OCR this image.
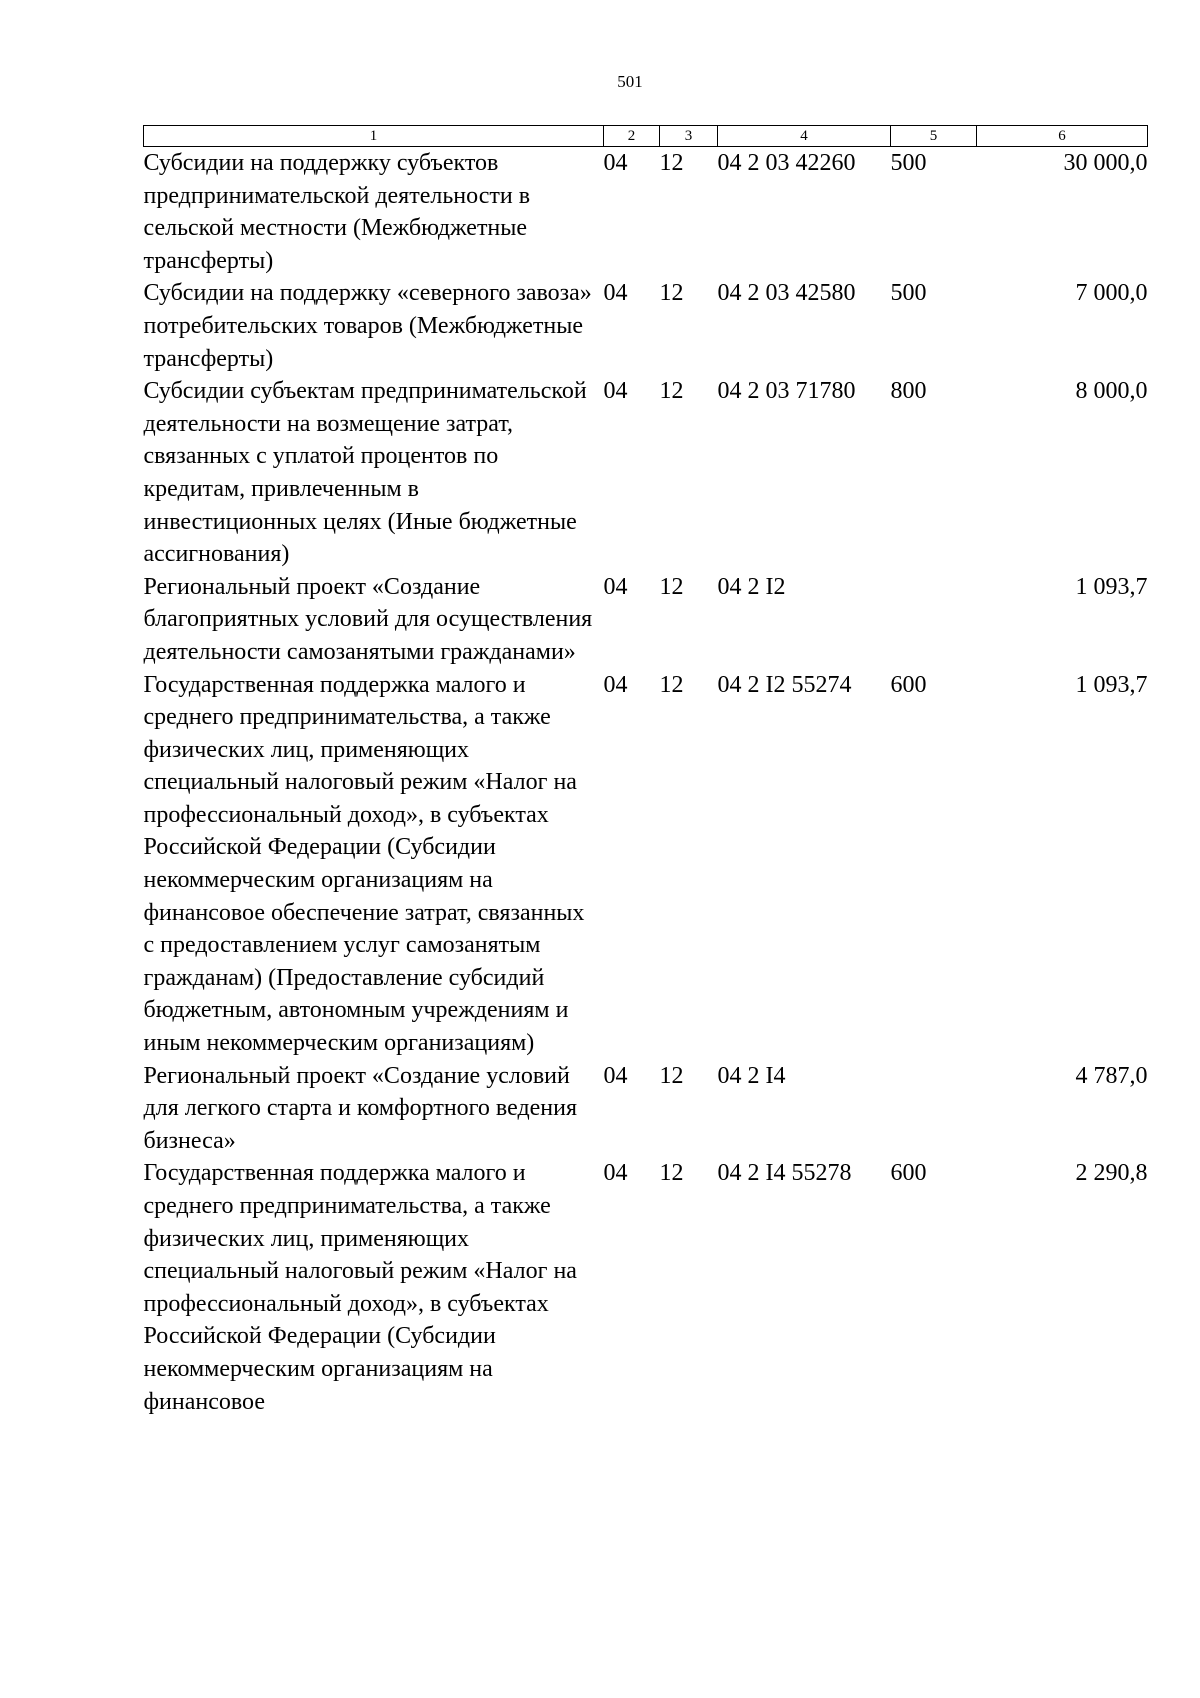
501
1	2	3	4	5	6
Субсидии на поддержку субъектов предпринимательской деятельности в сельской местности (Межбюджетные трансферты)	04	12	04 2 03 42260	500	30 000,0
Субсидии на поддержку «северного завоза» потребительских товаров (Межбюджетные трансферты)	04	12	04 2 03 42580	500	7 000,0
Субсидии субъектам предпринимательской деятельности на возмещение затрат, связанных с уплатой процентов по кредитам, привлеченным в инвестиционных целях (Иные бюджетные ассигнования)	04	12	04 2 03 71780	800	8 000,0
Региональный проект «Создание благоприятных условий для осуществления деятельности самозанятыми гражданами»	04	12	04 2 I2		1 093,7
Государственная поддержка малого и среднего предпринимательства, а также физических лиц, применяющих специальный налоговый режим «Налог на профессиональный доход», в субъектах Российской Федерации (Субсидии некоммерческим организациям на финансовое обеспечение затрат, связанных с предоставлением услуг самозанятым гражданам) (Предоставление субсидий бюджетным, автономным учреждениям и иным некоммерческим организациям)	04	12	04 2 I2 55274	600	1 093,7
Региональный проект «Создание условий для легкого старта и комфортного ведения бизнеса»	04	12	04 2 I4		4 787,0
Государственная поддержка малого и среднего предпринимательства, а также физических лиц, применяющих специальный налоговый режим «Налог на профессиональный доход», в субъектах Российской Федерации (Субсидии некоммерческим организациям на финансовое	04	12	04 2 I4 55278	600	2 290,8
